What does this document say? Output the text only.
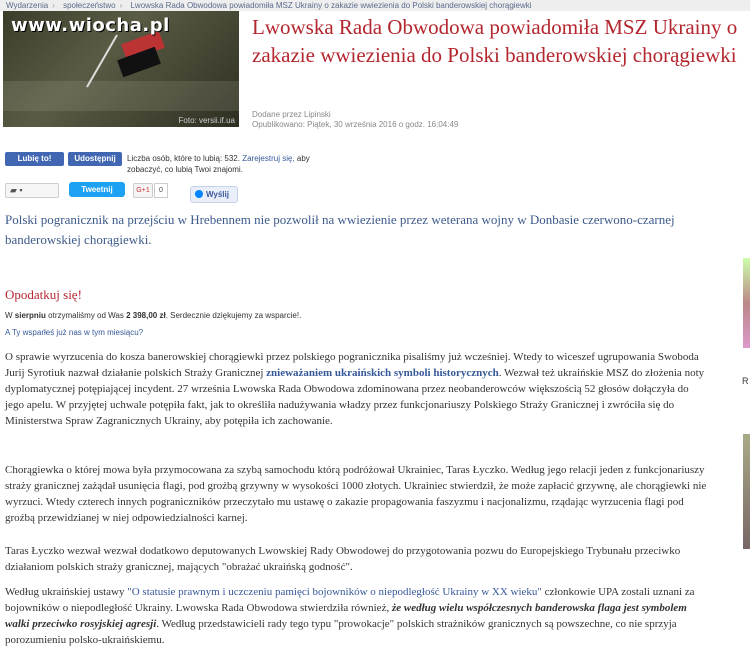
Wydarzenia › społeczeństwo › Lwowska Rada Obwodowa powiadomiła MSZ Ukrainy o zakazie wwiezienia do Polski banderowskiej chorągiewki
www.wiocha.pl
Foto: versii.if.ua
Lwowska Rada Obwodowa powiadomiła MSZ Ukrainy o zakazie wwiezienia do Polski banderowskiej chorągiewki
Dodane przez Lipinski
Opublikowano: Piątek, 30 września 2016 o godz. 16:04:49
Lubię to!	Udostępnij	Liczba osób, które to lubią: 532. Zarejestruj się, aby zobaczyć, co lubią Twoi znajomi.
▰ ▪	Tweetnij	G+1	0	Wyślij

Polski pogranicznik na przejściu w Hrebennem nie pozwolił na wwiezienie przez weterana wojny w Donbasie czerwono-czarnej banderowskiej chorągiewki.

Opodatkuj się!
W sierpniu otrzymaliśmy od Was 2 398,00 zł. Serdecznie dziękujemy za wsparcie!.
A Ty wsparłeś już nas w tym miesiącu?

O sprawie wyrzucenia do kosza banerowskiej chorągiewki przez polskiego pogranicznika pisaliśmy już wcześniej. Wtedy to wiceszef ugrupowania Swoboda Jurij Syrotiuk nazwał działanie polskich Straży Granicznej znieważaniem ukraińskich symboli historycznych. Wezwał też ukraińskie MSZ do złożenia noty dyplomatycznej potępiającej incydent. 27 września Lwowska Rada Obwodowa zdominowana przez neobanderowców większością 52 głosów dołączyła do jego apelu. W przyjętej uchwale potępiła fakt, jak to określiła nadużywania władzy przez funkcjonariuszy Polskiego Straży Granicznej i zwróciła się do Ministerstwa Spraw Zagranicznych Ukrainy, aby potępiła ich zachowanie.

Chorągiewka o której mowa była przymocowana za szybą samochodu którą podróżował Ukrainiec, Taras Łyczko. Według jego relacji jeden z funkcjonariuszy straży granicznej zażądał usunięcia flagi, pod groźbą grzywny w wysokości 1000 złotych. Ukrainiec stwierdził, że może zapłacić grzywnę, ale chorągiewki nie wyrzuci. Wtedy czterech innych pograniczników przeczytało mu ustawę o zakazie propagowania faszyzmu i nacjonalizmu, rządając wyrzucenia flagi pod groźbą przewidzianej w niej odpowiedzialności karnej.

Taras Łyczko wezwał wezwał dodatkowo deputowanych Lwowskiej Rady Obwodowej do przygotowania pozwu do Europejskiego Trybunału przeciwko działaniom polskich straży granicznej, mających "obrażać ukraińską godność".

Według ukraińskiej ustawy "O statusie prawnym i uczczeniu pamięci bojowników o niepodległość Ukrainy w XX wieku" członkowie UPA zostali uznani za bojowników o niepodległość Ukrainy. Lwowska Rada Obwodowa stwierdziła również, że według wielu współczesnych banderowska flaga jest symbolem walki przeciwko rosyjskiej agresji. Według przedstawicieli rady tego typu "prowokacje" polskich strażników granicznych są powszechne, co nie sprzyja porozumieniu polsko-ukraińskiemu.

R
